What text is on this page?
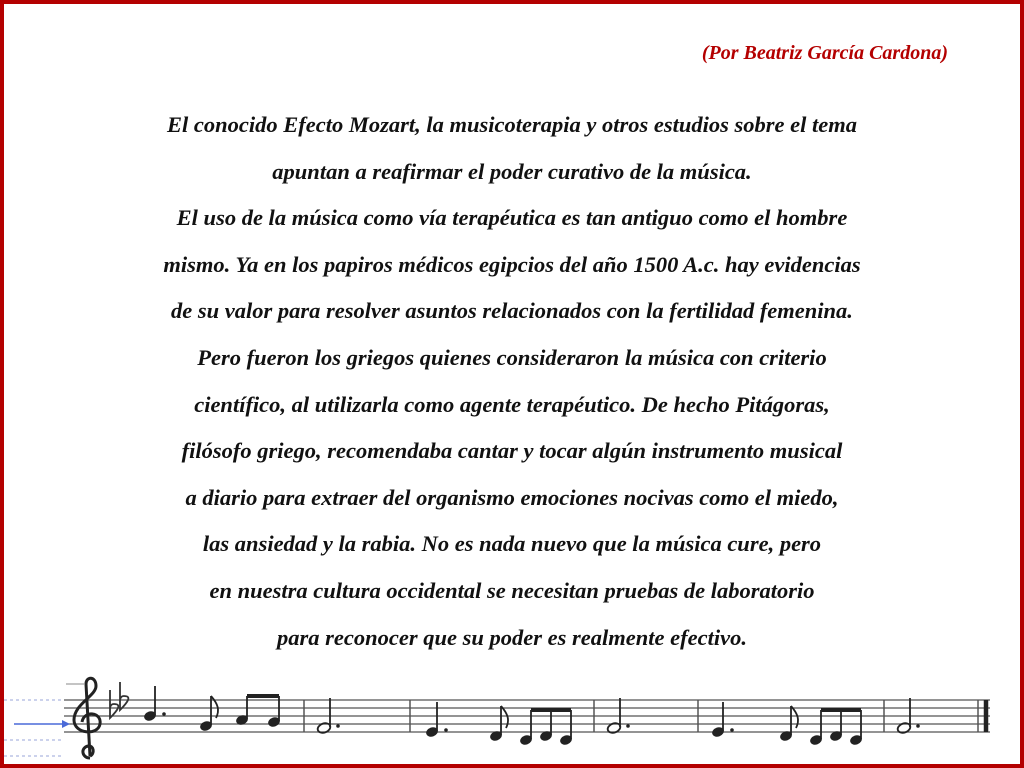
(Por Beatriz García Cardona)
El conocido Efecto Mozart, la musicoterapia y otros estudios sobre el tema
apuntan a reafirmar el poder curativo de la música.
El uso de la música como vía terapéutica es tan antiguo como el hombre
mismo. Ya en los papiros médicos egipcios del año 1500 A.c. hay evidencias
de su valor para resolver asuntos relacionados con la fertilidad femenina.
Pero fueron los griegos quienes consideraron la música con criterio
científico, al utilizarla como agente terapéutico. De hecho Pitágoras,
filósofo griego, recomendaba cantar y tocar algún instrumento musical
a diario para extraer del organismo emociones nocivas como el miedo,
las ansiedad y la rabia. No es nada nuevo que la música cure, pero
en nuestra cultura occidental se necesitan pruebas de laboratorio
para reconocer que su poder es realmente efectivo.
